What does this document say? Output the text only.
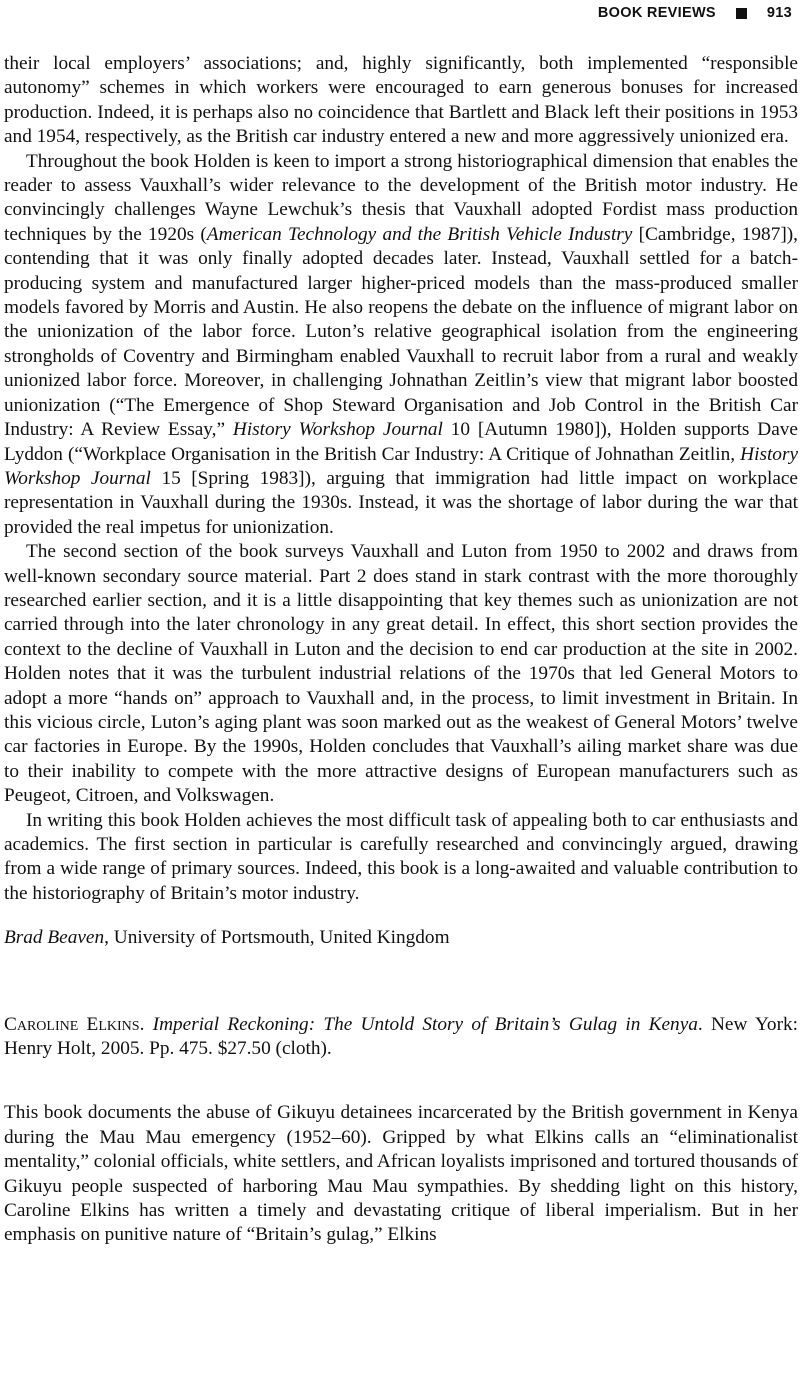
BOOK REVIEWS	913

their local employers’ associations; and, highly significantly, both implemented “responsible autonomy” schemes in which workers were encouraged to earn generous bonuses for increased production. Indeed, it is perhaps also no coincidence that Bartlett and Black left their positions in 1953 and 1954, respectively, as the British car industry entered a new and more aggressively unionized era.

Throughout the book Holden is keen to import a strong historiographical dimension that enables the reader to assess Vauxhall’s wider relevance to the development of the British motor industry. He convincingly challenges Wayne Lewchuk’s thesis that Vauxhall adopted Fordist mass production techniques by the 1920s (American Technology and the British Vehicle Industry [Cambridge, 1987]), contending that it was only finally adopted decades later. Instead, Vauxhall settled for a batch-producing system and manufactured larger higher-priced models than the mass-produced smaller models favored by Morris and Austin. He also reopens the debate on the influence of migrant labor on the unionization of the labor force. Luton’s relative geographical isolation from the engineering strongholds of Coventry and Birmingham enabled Vauxhall to recruit labor from a rural and weakly unionized labor force. Moreover, in challenging Johnathan Zeitlin’s view that migrant labor boosted unionization (“The Emergence of Shop Steward Organisation and Job Control in the British Car Industry: A Review Essay,” History Workshop Journal 10 [Autumn 1980]), Holden supports Dave Lyddon (“Workplace Organisation in the British Car Industry: A Critique of Johnathan Zeitlin, History Workshop Journal 15 [Spring 1983]), arguing that immigration had little impact on workplace representation in Vauxhall during the 1930s. Instead, it was the shortage of labor during the war that provided the real impetus for unionization.

The second section of the book surveys Vauxhall and Luton from 1950 to 2002 and draws from well-known secondary source material. Part 2 does stand in stark contrast with the more thoroughly researched earlier section, and it is a little disappointing that key themes such as unionization are not carried through into the later chronology in any great detail. In effect, this short section provides the context to the decline of Vauxhall in Luton and the decision to end car production at the site in 2002. Holden notes that it was the turbulent industrial relations of the 1970s that led General Motors to adopt a more “hands on” approach to Vauxhall and, in the process, to limit investment in Britain. In this vicious circle, Luton’s aging plant was soon marked out as the weakest of General Motors’ twelve car factories in Europe. By the 1990s, Holden concludes that Vauxhall’s ailing market share was due to their inability to compete with the more attractive designs of European manufacturers such as Peugeot, Citroen, and Volkswagen.

In writing this book Holden achieves the most difficult task of appealing both to car enthusiasts and academics. The first section in particular is carefully researched and convincingly argued, drawing from a wide range of primary sources. Indeed, this book is a long-awaited and valuable contribution to the historiography of Britain’s motor industry.

Brad Beaven, University of Portsmouth, United Kingdom

Caroline Elkins. Imperial Reckoning: The Untold Story of Britain’s Gulag in Kenya. New York: Henry Holt, 2005. Pp. 475. $27.50 (cloth).

This book documents the abuse of Gikuyu detainees incarcerated by the British government in Kenya during the Mau Mau emergency (1952–60). Gripped by what Elkins calls an “eliminationalist mentality,” colonial officials, white settlers, and African loyalists imprisoned and tortured thousands of Gikuyu people suspected of harboring Mau Mau sympathies. By shedding light on this history, Caroline Elkins has written a timely and devastating critique of liberal imperialism. But in her emphasis on punitive nature of “Britain’s gulag,” Elkins
